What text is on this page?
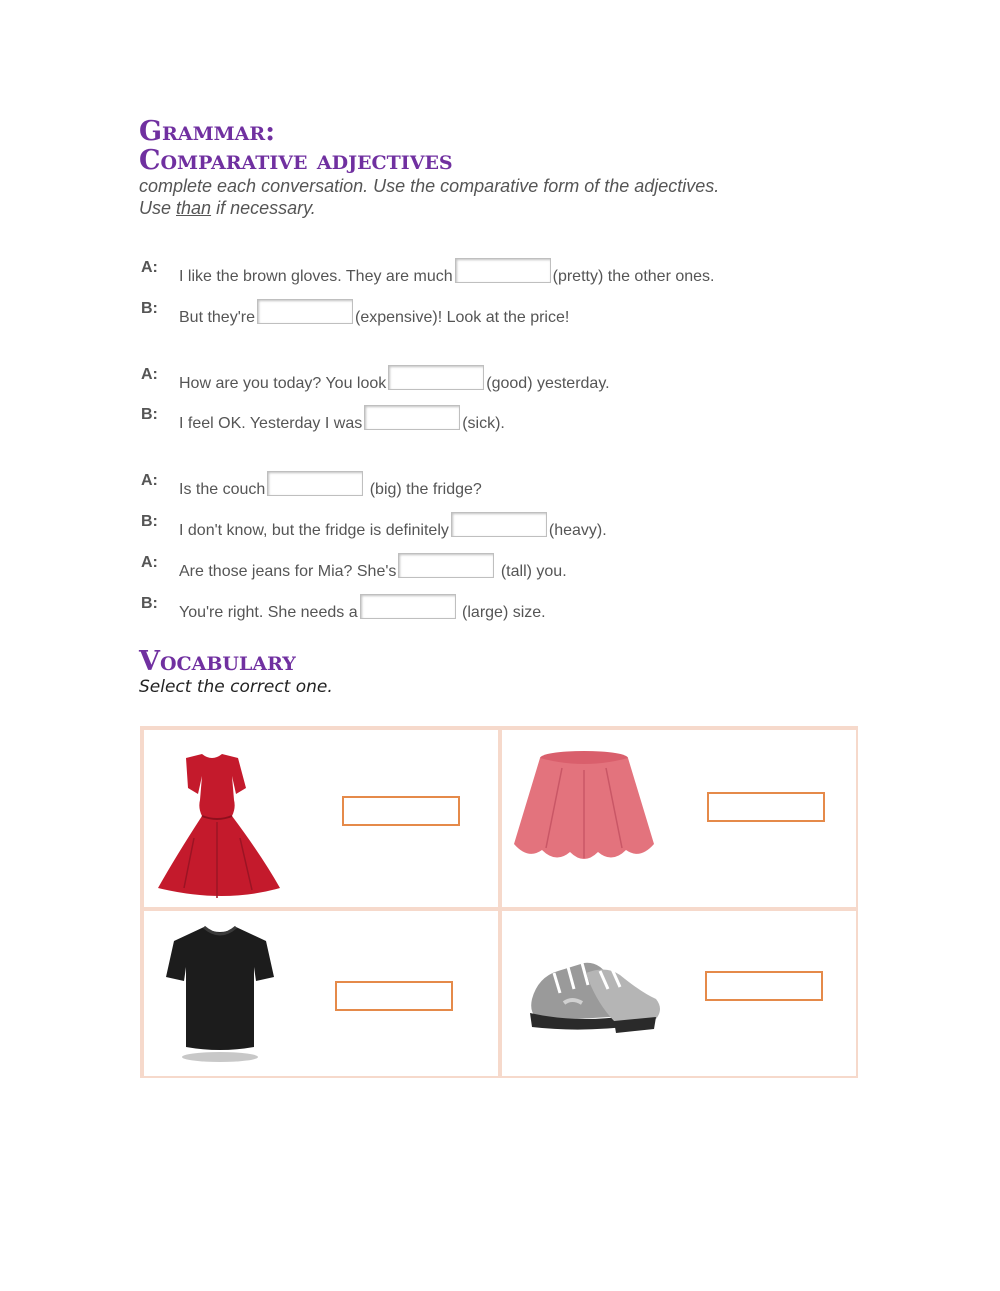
Grammar:
Comparative adjectives
complete each conversation. Use the comparative form of the adjectives.
Use than if necessary.
A:
I like the brown gloves. They are much	(pretty) the other ones.
B:
But they're	(expensive)! Look at the price!
A:
How are you today? You look	(good) yesterday.
B:
I feel OK. Yesterday I was	(sick).
A:
Is the couch	(big) the fridge?
B:
I don't know, but the fridge is definitely	(heavy).
A:
Are those jeans for Mia? She's	(tall) you.
B:
You're right. She needs a	(large) size.
Vocabulary
Select the correct one.
